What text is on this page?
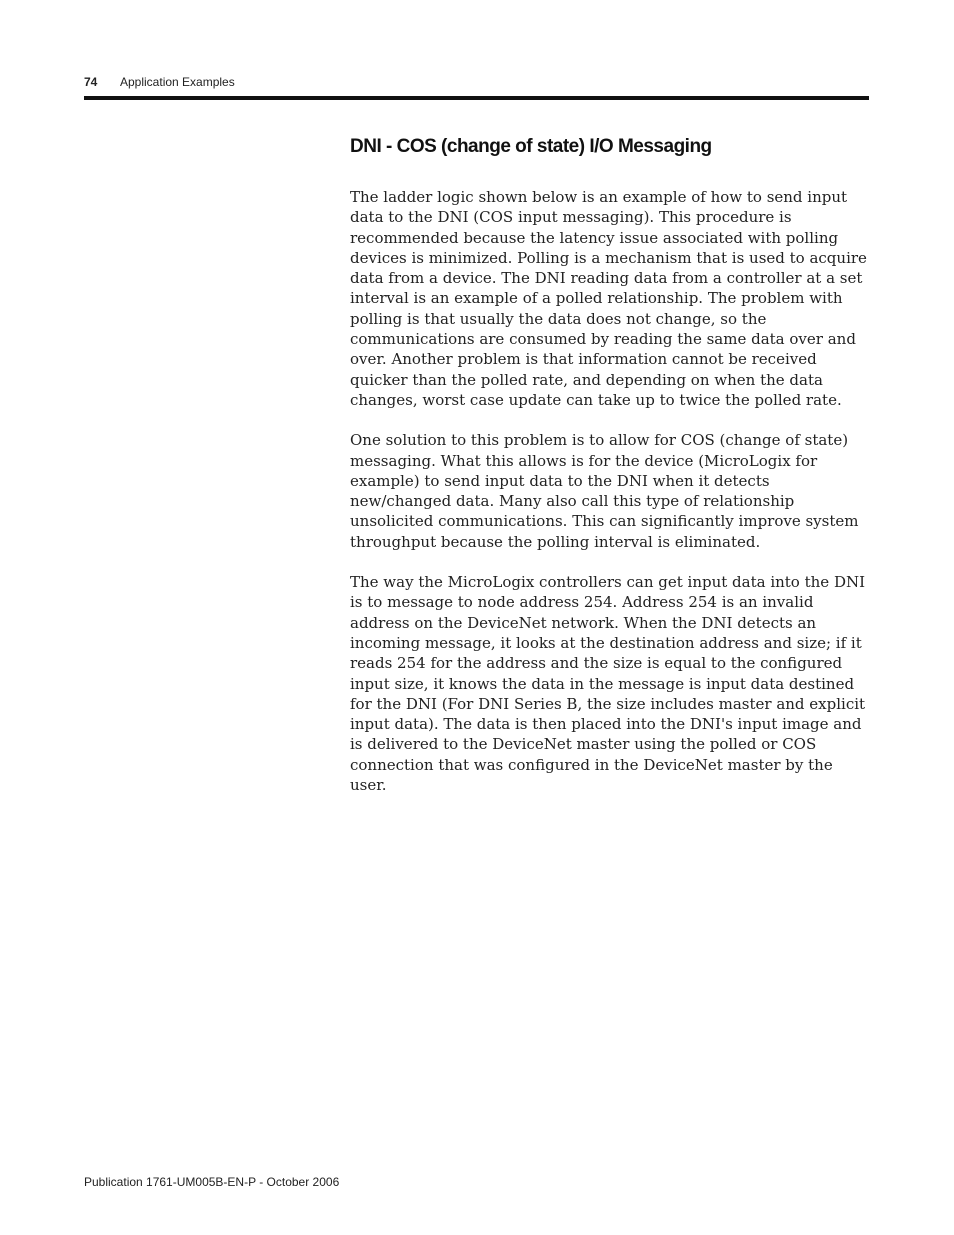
74 Application Examples
DNI - COS (change of state) I/O Messaging

The ladder logic shown below is an example of how to send input data to the DNI (COS input messaging). This procedure is recommended because the latency issue associated with polling devices is minimized. Polling is a mechanism that is used to acquire data from a device. The DNI reading data from a controller at a set interval is an example of a polled relationship. The problem with polling is that usually the data does not change, so the communications are consumed by reading the same data over and over. Another problem is that information cannot be received quicker than the polled rate, and depending on when the data changes, worst case update can take up to twice the polled rate.

One solution to this problem is to allow for COS (change of state) messaging. What this allows is for the device (MicroLogix for example) to send input data to the DNI when it detects new/changed data. Many also call this type of relationship unsolicited communications. This can significantly improve system throughput because the polling interval is eliminated.

The way the MicroLogix controllers can get input data into the DNI is to message to node address 254. Address 254 is an invalid address on the DeviceNet network. When the DNI detects an incoming message, it looks at the destination address and size; if it reads 254 for the address and the size is equal to the configured input size, it knows the data in the message is input data destined for the DNI (For DNI Series B, the size includes master and explicit input data). The data is then placed into the DNI's input image and is delivered to the DeviceNet master using the polled or COS connection that was configured in the DeviceNet master by the user.

Publication 1761-UM005B-EN-P - October 2006
